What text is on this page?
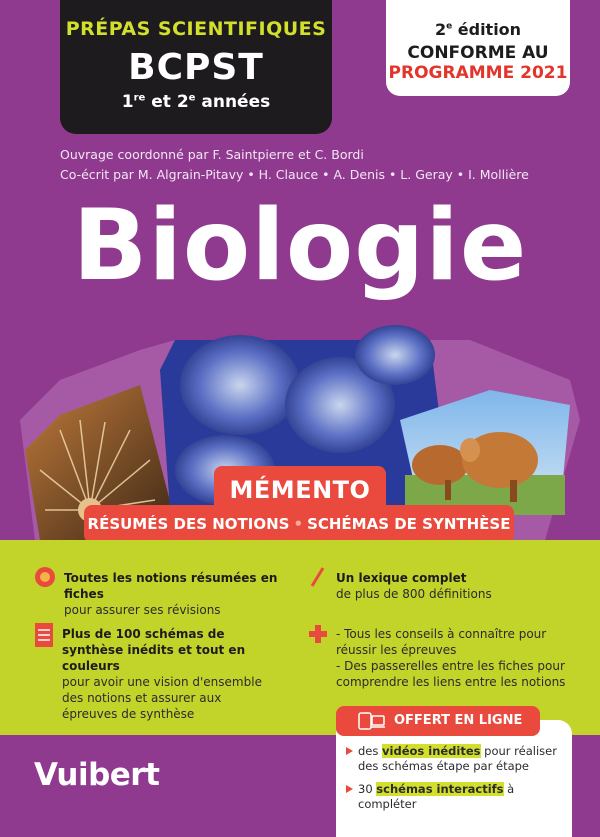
PRÉPAS SCIENTIFIQUES
BCPST
1re et 2e années
2e édition
CONFORME AU
PROGRAMME 2021
Ouvrage coordonné par F. Saintpierre et C. Bordi
Co-écrit par M. Algrain-Pitavy • H. Clauce • A. Denis • L. Geray • I. Mollière
Biologie
MÉMENTO
RÉSUMÉS DES NOTIONS • SCHÉMAS DE SYNTHÈSE
Toutes les notions résumées en fiches
pour assurer ses révisions
Un lexique complet
de plus de 800 définitions
Plus de 100 schémas de synthèse inédits et tout en couleurs
pour avoir une vision d'ensemble des notions et assurer aux épreuves de synthèse
- Tous les conseils à connaître pour réussir les épreuves
- Des passerelles entre les fiches pour comprendre les liens entre les notions
Vuibert
OFFERT EN LIGNE
des vidéos inédites pour réaliser des schémas étape par étape
30 schémas interactifs à compléter
